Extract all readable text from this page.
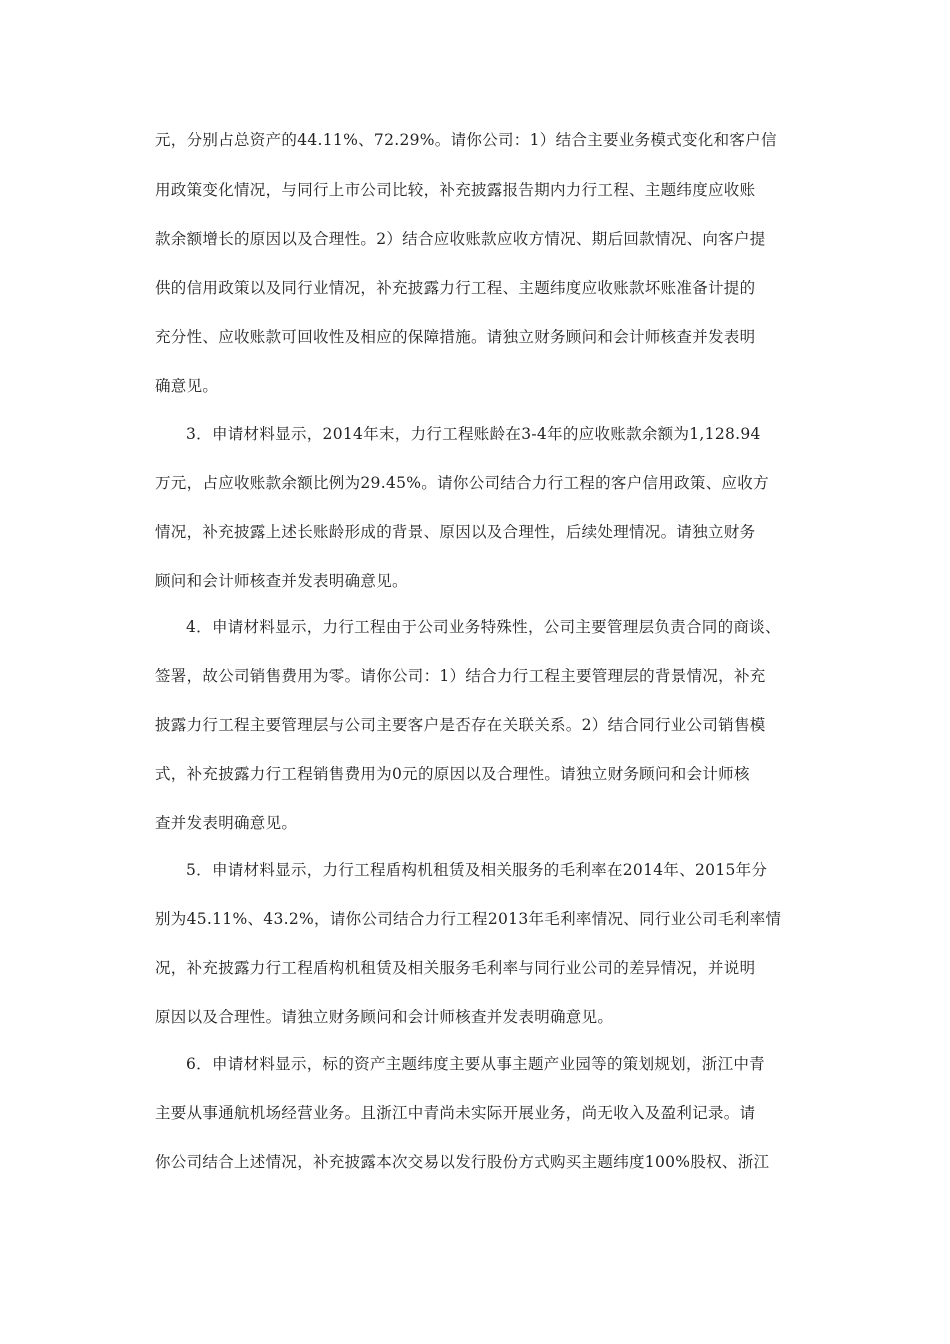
元，分别占总资产的44.11%、72.29%。请你公司：1）结合主要业务模式变化和客户信
用政策变化情况，与同行上市公司比较，补充披露报告期内力行工程、主题纬度应收账
款余额增长的原因以及合理性。2）结合应收账款应收方情况、期后回款情况、向客户提
供的信用政策以及同行业情况，补充披露力行工程、主题纬度应收账款坏账准备计提的
充分性、应收账款可回收性及相应的保障措施。请独立财务顾问和会计师核查并发表明
确意见。
3．申请材料显示，2014年末，力行工程账龄在3-4年的应收账款余额为1,128.94
万元，占应收账款余额比例为29.45%。请你公司结合力行工程的客户信用政策、应收方
情况，补充披露上述长账龄形成的背景、原因以及合理性，后续处理情况。请独立财务
顾问和会计师核查并发表明确意见。
4．申请材料显示，力行工程由于公司业务特殊性，公司主要管理层负责合同的商谈、
签署，故公司销售费用为零。请你公司：1）结合力行工程主要管理层的背景情况，补充
披露力行工程主要管理层与公司主要客户是否存在关联关系。2）结合同行业公司销售模
式，补充披露力行工程销售费用为0元的原因以及合理性。请独立财务顾问和会计师核
查并发表明确意见。
5．申请材料显示，力行工程盾构机租赁及相关服务的毛利率在2014年、2015年分
别为45.11%、43.2%，请你公司结合力行工程2013年毛利率情况、同行业公司毛利率情
况，补充披露力行工程盾构机租赁及相关服务毛利率与同行业公司的差异情况，并说明
原因以及合理性。请独立财务顾问和会计师核查并发表明确意见。
6．申请材料显示，标的资产主题纬度主要从事主题产业园等的策划规划，浙江中青
主要从事通航机场经营业务。且浙江中青尚未实际开展业务，尚无收入及盈利记录。请
你公司结合上述情况，补充披露本次交易以发行股份方式购买主题纬度100%股权、浙江
